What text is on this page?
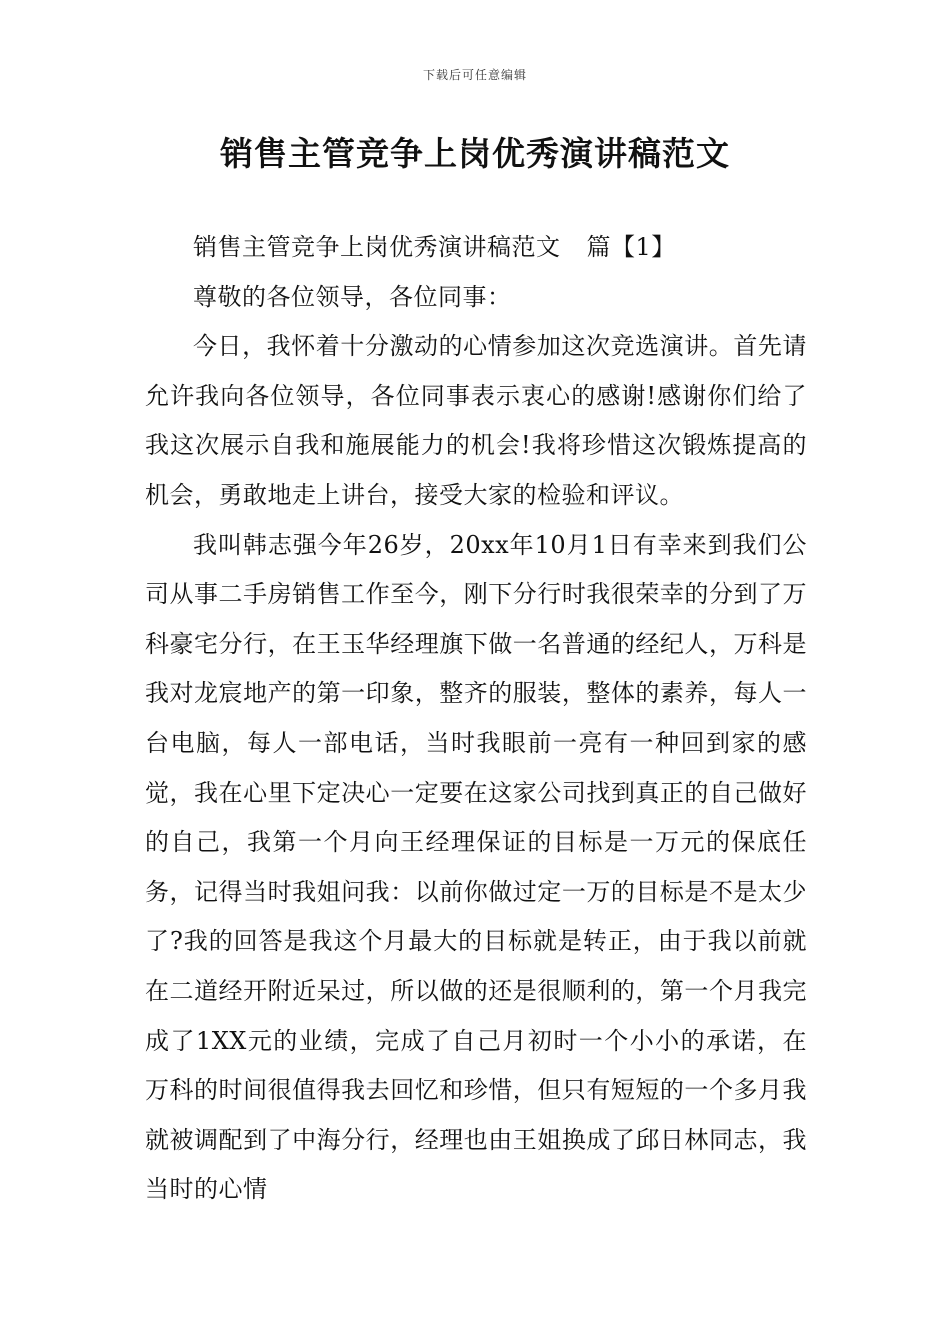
下载后可任意编辑
销售主管竞争上岗优秀演讲稿范文

销售主管竞争上岗优秀演讲稿范文 篇【1】

尊敬的各位领导，各位同事：

今日，我怀着十分激动的心情参加这次竞选演讲。首先请允许我向各位领导，各位同事表示衷心的感谢!感谢你们给了我这次展示自我和施展能力的机会!我将珍惜这次锻炼提高的机会，勇敢地走上讲台，接受大家的检验和评议。

我叫韩志强今年26岁，20xx年10月1日有幸来到我们公司从事二手房销售工作至今，刚下分行时我很荣幸的分到了万科豪宅分行，在王玉华经理旗下做一名普通的经纪人，万科是我对龙宸地产的第一印象，整齐的服装，整体的素养，每人一台电脑，每人一部电话，当时我眼前一亮有一种回到家的感觉，我在心里下定决心一定要在这家公司找到真正的自己做好的自己，我第一个月向王经理保证的目标是一万元的保底任务，记得当时我姐问我：以前你做过定一万的目标是不是太少了?我的回答是我这个月最大的目标就是转正，由于我以前就在二道经开附近呆过，所以做的还是很顺利的，第一个月我完成了1XX元的业绩，完成了自己月初时一个小小的承诺，在万科的时间很值得我去回忆和珍惜，但只有短短的一个多月我就被调配到了中海分行，经理也由王姐换成了邱日林同志，我当时的心情
